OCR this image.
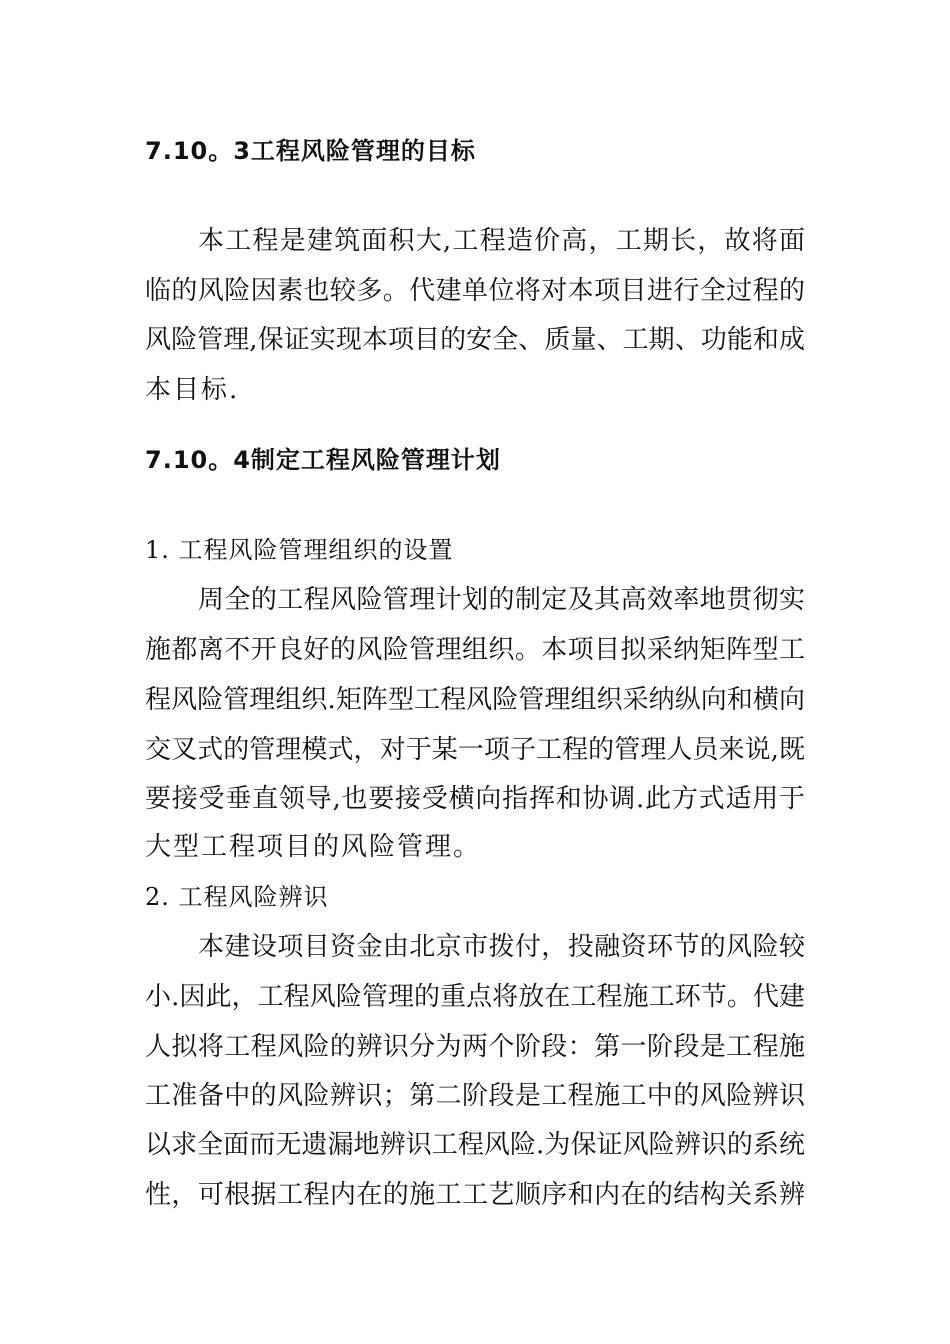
7.10。3工程风险管理的目标
本工程是建筑面积大,工程造价高，工期长，故将面
临的风险因素也较多。代建单位将对本项目进行全过程的
风险管理,保证实现本项目的安全、质量、工期、功能和成
本目标.
7.10。4制定工程风险管理计划
1. 工程风险管理组织的设置
周全的工程风险管理计划的制定及其高效率地贯彻实
施都离不开良好的风险管理组织。本项目拟采纳矩阵型工
程风险管理组织.矩阵型工程风险管理组织采纳纵向和横向
交叉式的管理模式，对于某一项子工程的管理人员来说,既
要接受垂直领导,也要接受横向指挥和协调.此方式适用于
大型工程项目的风险管理。
2. 工程风险辨识
本建设项目资金由北京市拨付，投融资环节的风险较
小.因此，工程风险管理的重点将放在工程施工环节。代建
人拟将工程风险的辨识分为两个阶段：第一阶段是工程施
工准备中的风险辨识；第二阶段是工程施工中的风险辨识
以求全面而无遗漏地辨识工程风险.为保证风险辨识的系统
性，可根据工程内在的施工工艺顺序和内在的结构关系辨
